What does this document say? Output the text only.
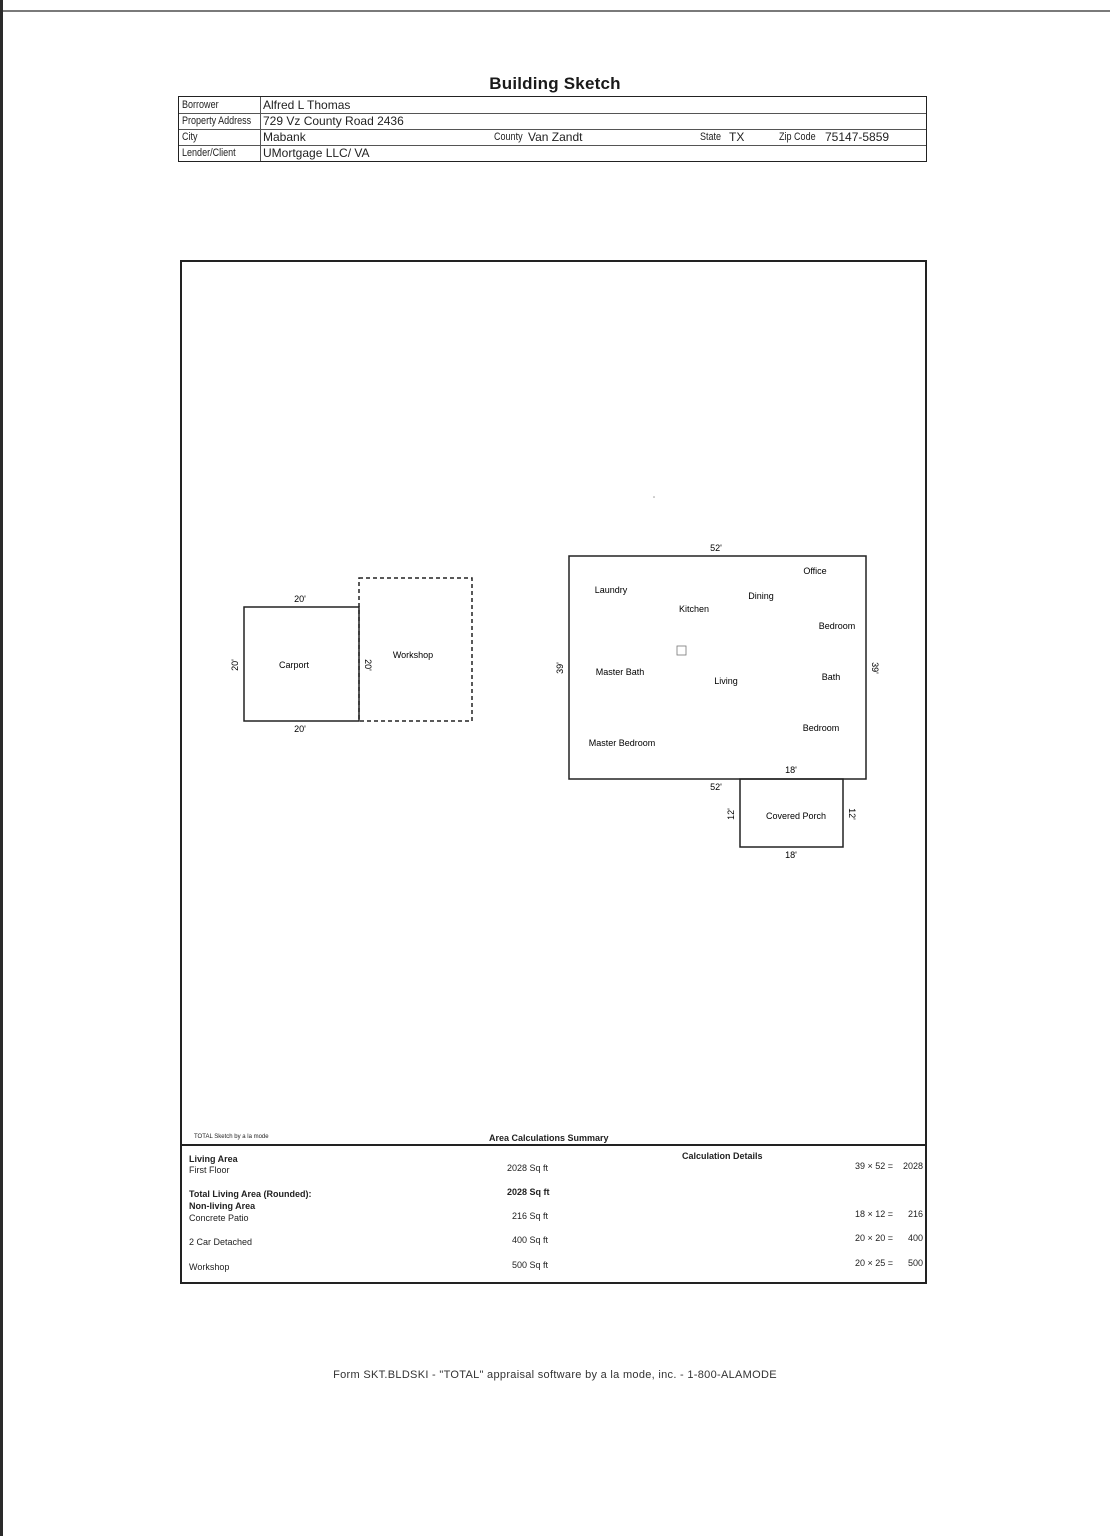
Building Sketch
Borrower	Alfred L Thomas
Property Address 729 Vz County Road 2436
City	Mabank	County Van Zandt	State TX	Zip Code 75147-5859
Lender/Client UMortgage LLC/ VA
20'
20'
20'	20'
Carport
Workshop
52'
52'
18'
39'	39'
Laundry
Kitchen
Dining
Office
Bedroom
Master Bath
Living	Bath
Bedroom
Master Bedroom
Covered Porch
12'	12'
18'
TOTAL Sketch by a la mode	Area Calculations Summary
Living Area
First Floor	2028 Sq ft
Calculation Details
39 × 52 = 2028
Total Living Area (Rounded):	2028 Sq ft
Non-living Area
Concrete Patio	216 Sq ft	18 × 12 = 216
2 Car Detached	400 Sq ft	20 × 20 = 400
Workshop	500 Sq ft	20 × 25 = 500
Form SKT.BLDSKI - "TOTAL" appraisal software by a la mode, inc. - 1-800-ALAMODE
